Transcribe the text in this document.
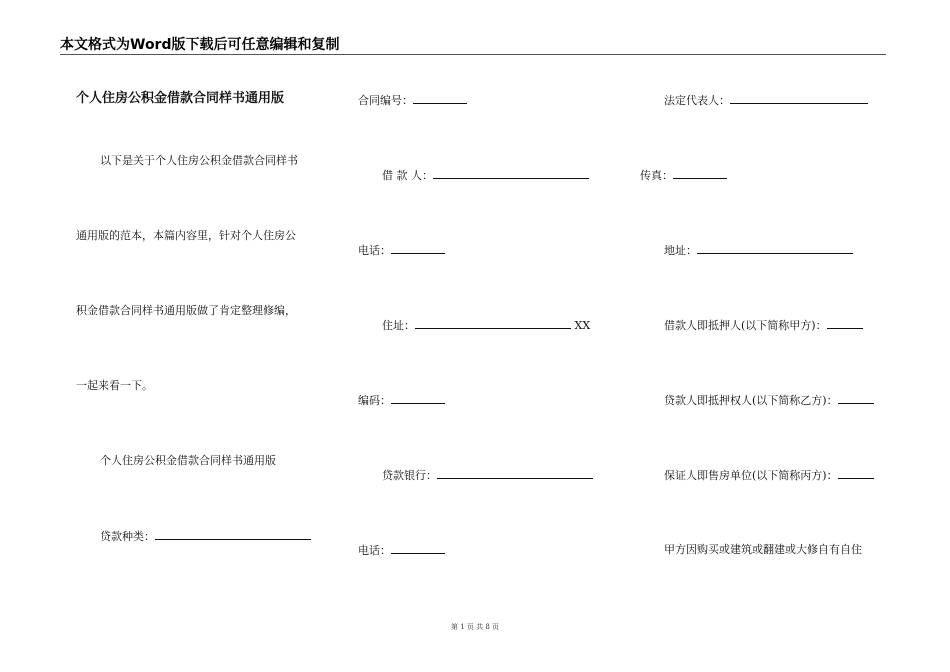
本文格式为Word版下载后可任意编辑和复制
个人住房公积金借款合同样书通用版
以下是关于个人住房公积金借款合同样书
通用版的范本，本篇内容里，针对个人住房公
积金借款合同样书通用版做了肯定整理修编，
一起来看一下。
个人住房公积金借款合同样书通用版
贷款种类：
合同编号：
借 款 人：
电话：
住址：	XX
编码：
贷款银行：
电话：
法定代表人：
传真：
地址：
借款人即抵押人(以下简称甲方)：
贷款人即抵押权人(以下简称乙方)：
保证人即售房单位(以下简称丙方)：
甲方因购买或建筑或翻建或大修自有自住
第 1 页 共 8 页
